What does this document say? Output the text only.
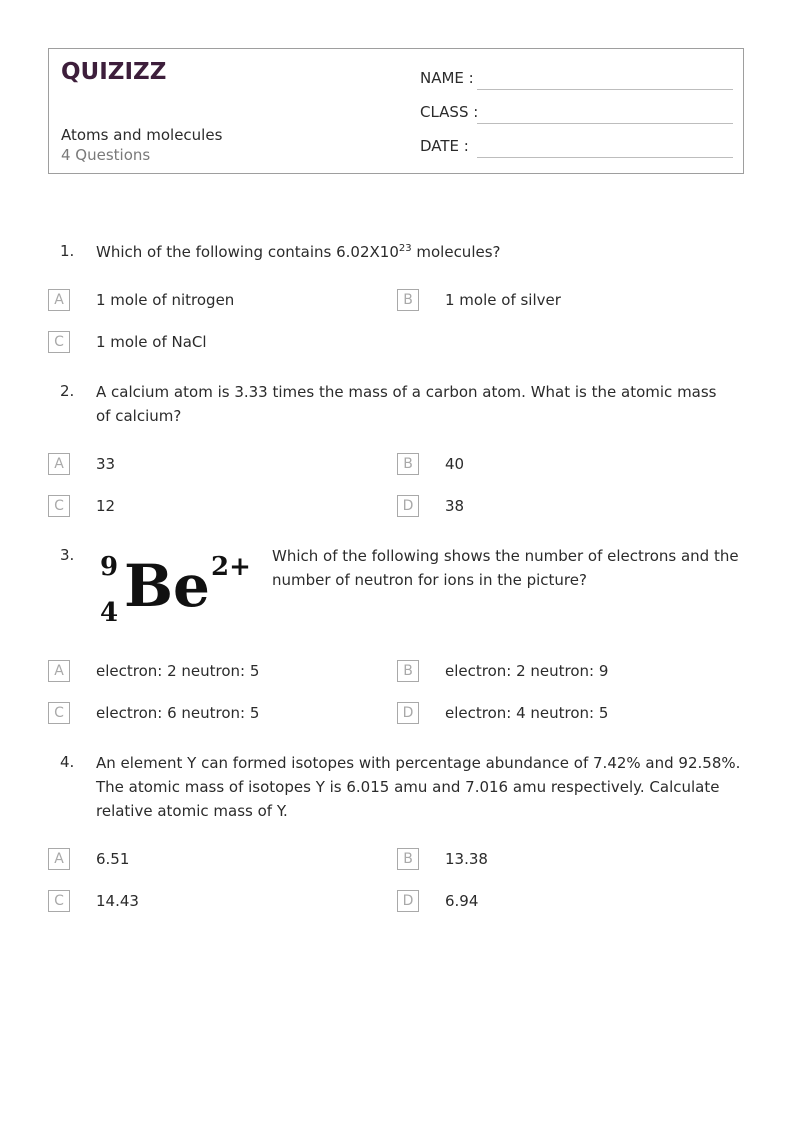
QUIZIZZ
Atoms and molecules
4 Questions
NAME :
CLASS :
DATE :
1. Which of the following contains $6.02X10^{23}$ molecules?
A	1 mole of nitrogen	B	1 mole of silver
C	1 mole of NaCl
2. A calcium atom is 3.33 times the mass of a carbon atom. What is the atomic mass of calcium?
A	33	B	40
C	12	D	38
3. 9
4 Be 2+ Which of the following shows the number of electrons and the number of neutron for ions in the picture?
A	electron: 2 neutron: 5	B	electron: 2 neutron: 9
C	electron: 6 neutron: 5	D	electron: 4 neutron: 5
4. An element Y can formed isotopes with percentage abundance of 7.42% and 92.58%. The atomic mass of isotopes Y is 6.015 amu and 7.016 amu respectively. Calculate relative atomic mass of Y.
A	6.51	B	13.38
C	14.43	D	6.94
